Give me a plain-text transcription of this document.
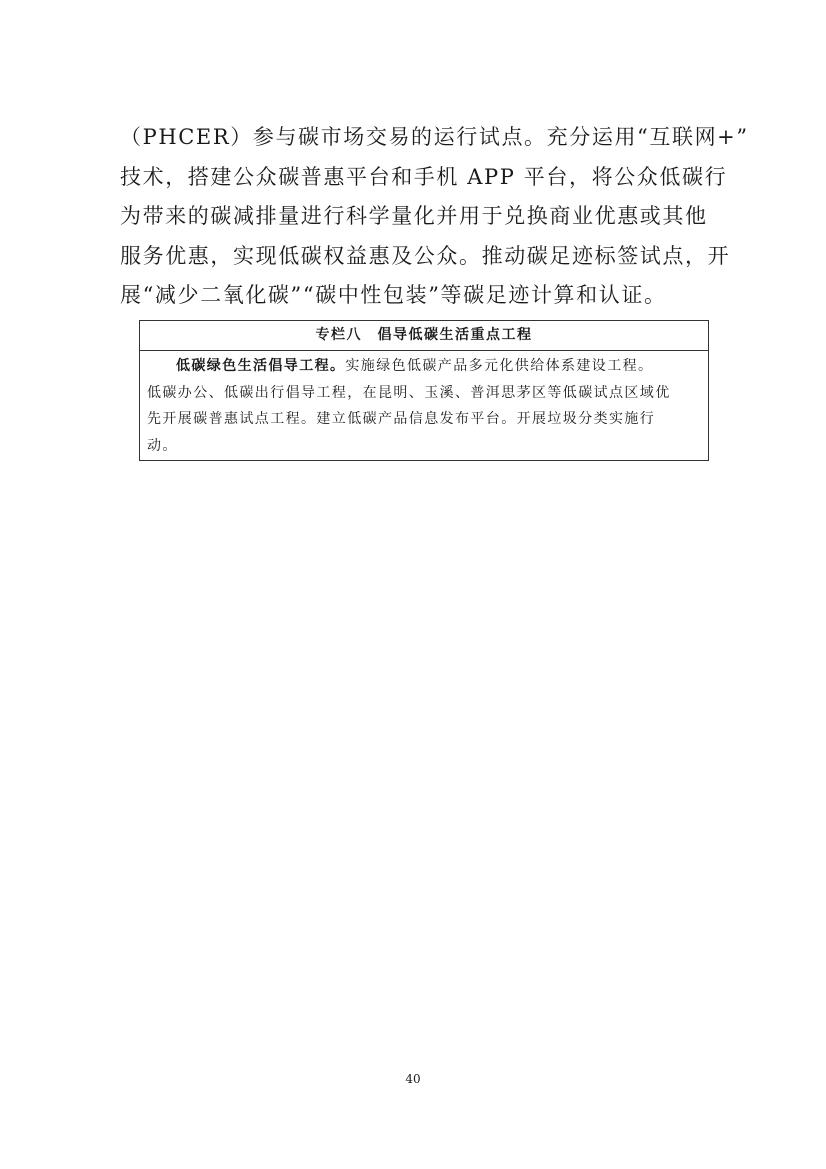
（PHCER）参与碳市场交易的运行试点。充分运用“互联网+”
技术，搭建公众碳普惠平台和手机 APP 平台，将公众低碳行
为带来的碳减排量进行科学量化并用于兑换商业优惠或其他
服务优惠，实现低碳权益惠及公众。推动碳足迹标签试点，开
展“减少二氧化碳”“碳中性包装”等碳足迹计算和认证。
专栏八　倡导低碳生活重点工程
低碳绿色生活倡导工程。实施绿色低碳产品多元化供给体系建设工程。
低碳办公、低碳出行倡导工程，在昆明、玉溪、普洱思茅区等低碳试点区域优
先开展碳普惠试点工程。建立低碳产品信息发布平台。开展垃圾分类实施行
动。
40
